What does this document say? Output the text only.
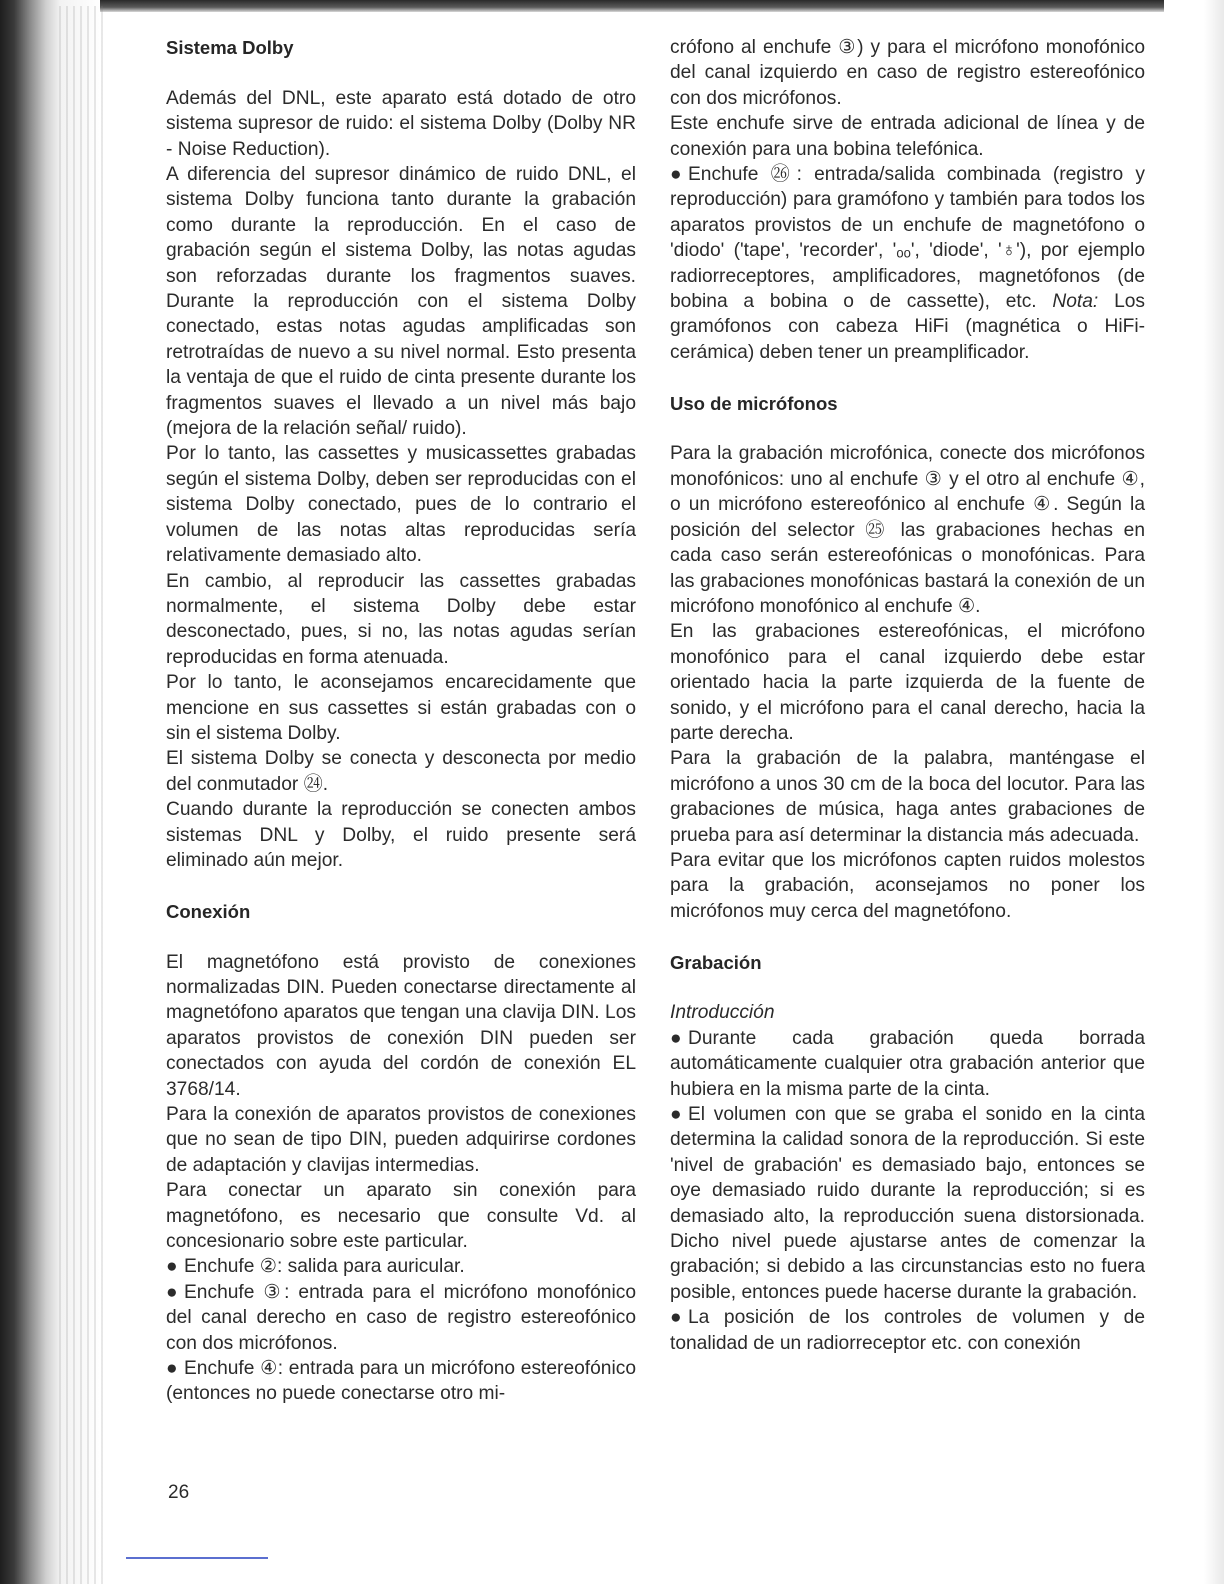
Sistema Dolby

Además del DNL, este aparato está dotado de otro sistema supresor de ruido: el sistema Dolby (Dolby NR - Noise Reduction).

A diferencia del supresor dinámico de ruido DNL, el sistema Dolby funciona tanto durante la grabación como durante la reproducción. En el caso de grabación según el sistema Dolby, las notas agudas son reforzadas durante los fragmentos suaves. Durante la reproducción con el sistema Dolby conectado, estas notas agudas amplificadas son retrotraídas de nuevo a su nivel normal. Esto presenta la ventaja de que el ruido de cinta presente durante los fragmentos suaves el llevado a un nivel más bajo (mejora de la relación señal/ ruido).

Por lo tanto, las cassettes y musicassettes grabadas según el sistema Dolby, deben ser reproducidas con el sistema Dolby conectado, pues de lo contrario el volumen de las notas altas reproducidas sería relativamente demasiado alto.

En cambio, al reproducir las cassettes grabadas normalmente, el sistema Dolby debe estar desconectado, pues, si no, las notas agudas serían reproducidas en forma atenuada.

Por lo tanto, le aconsejamos encarecidamente que mencione en sus cassettes si están grabadas con o sin el sistema Dolby.

El sistema Dolby se conecta y desconecta por medio del conmutador ㉔.

Cuando durante la reproducción se conecten ambos sistemas DNL y Dolby, el ruido presente será eliminado aún mejor.

Conexión

El magnetófono está provisto de conexiones normalizadas DIN. Pueden conectarse directamente al magnetófono aparatos que tengan una clavija DIN. Los aparatos provistos de conexión DIN pueden ser conectados con ayuda del cordón de conexión EL 3768/14.

Para la conexión de aparatos provistos de conexiones que no sean de tipo DIN, pueden adquirirse cordones de adaptación y clavijas intermedias.

Para conectar un aparato sin conexión para magnetófono, es necesario que consulte Vd. al concesionario sobre este particular.

● Enchufe ②: salida para auricular.

● Enchufe ③: entrada para el micrófono monofónico del canal derecho en caso de registro estereofónico con dos micrófonos.

● Enchufe ④: entrada para un micrófono estereofónico (entonces no puede conectarse otro mi-

crófono al enchufe ③) y para el micrófono monofónico del canal izquierdo en caso de registro estereofónico con dos micrófonos.

Este enchufe sirve de entrada adicional de línea y de conexión para una bobina telefónica.

● Enchufe ㉖: entrada/salida combinada (registro y reproducción) para gramófono y también para todos los aparatos provistos de un enchufe de magnetófono o 'diodo' ('tape', 'recorder', 'ₒₒ', 'diode', '♁'), por ejemplo radiorreceptores, amplificadores, magnetófonos (de bobina a bobina o de cassette), etc. Nota: Los gramófonos con cabeza HiFi (magnética o HiFi-cerámica) deben tener un preamplificador.

Uso de micrófonos

Para la grabación microfónica, conecte dos micrófonos monofónicos: uno al enchufe ③ y el otro al enchufe ④, o un micrófono estereofónico al enchufe ④. Según la posición del selector ㉕ las grabaciones hechas en cada caso serán estereofónicas o monofónicas. Para las grabaciones monofónicas bastará la conexión de un micrófono monofónico al enchufe ④.

En las grabaciones estereofónicas, el micrófono monofónico para el canal izquierdo debe estar orientado hacia la parte izquierda de la fuente de sonido, y el micrófono para el canal derecho, hacia la parte derecha.

Para la grabación de la palabra, manténgase el micrófono a unos 30 cm de la boca del locutor. Para las grabaciones de música, haga antes grabaciones de prueba para así determinar la distancia más adecuada.

Para evitar que los micrófonos capten ruidos molestos para la grabación, aconsejamos no poner los micrófonos muy cerca del magnetófono.

Grabación

Introducción

● Durante cada grabación queda borrada automáticamente cualquier otra grabación anterior que hubiera en la misma parte de la cinta.

● El volumen con que se graba el sonido en la cinta determina la calidad sonora de la reproducción. Si este 'nivel de grabación' es demasiado bajo, entonces se oye demasiado ruido durante la reproducción; si es demasiado alto, la reproducción suena distorsionada. Dicho nivel puede ajustarse antes de comenzar la grabación; si debido a las circunstancias esto no fuera posible, entonces puede hacerse durante la grabación.

● La posición de los controles de volumen y de tonalidad de un radiorreceptor etc. con conexión

26
